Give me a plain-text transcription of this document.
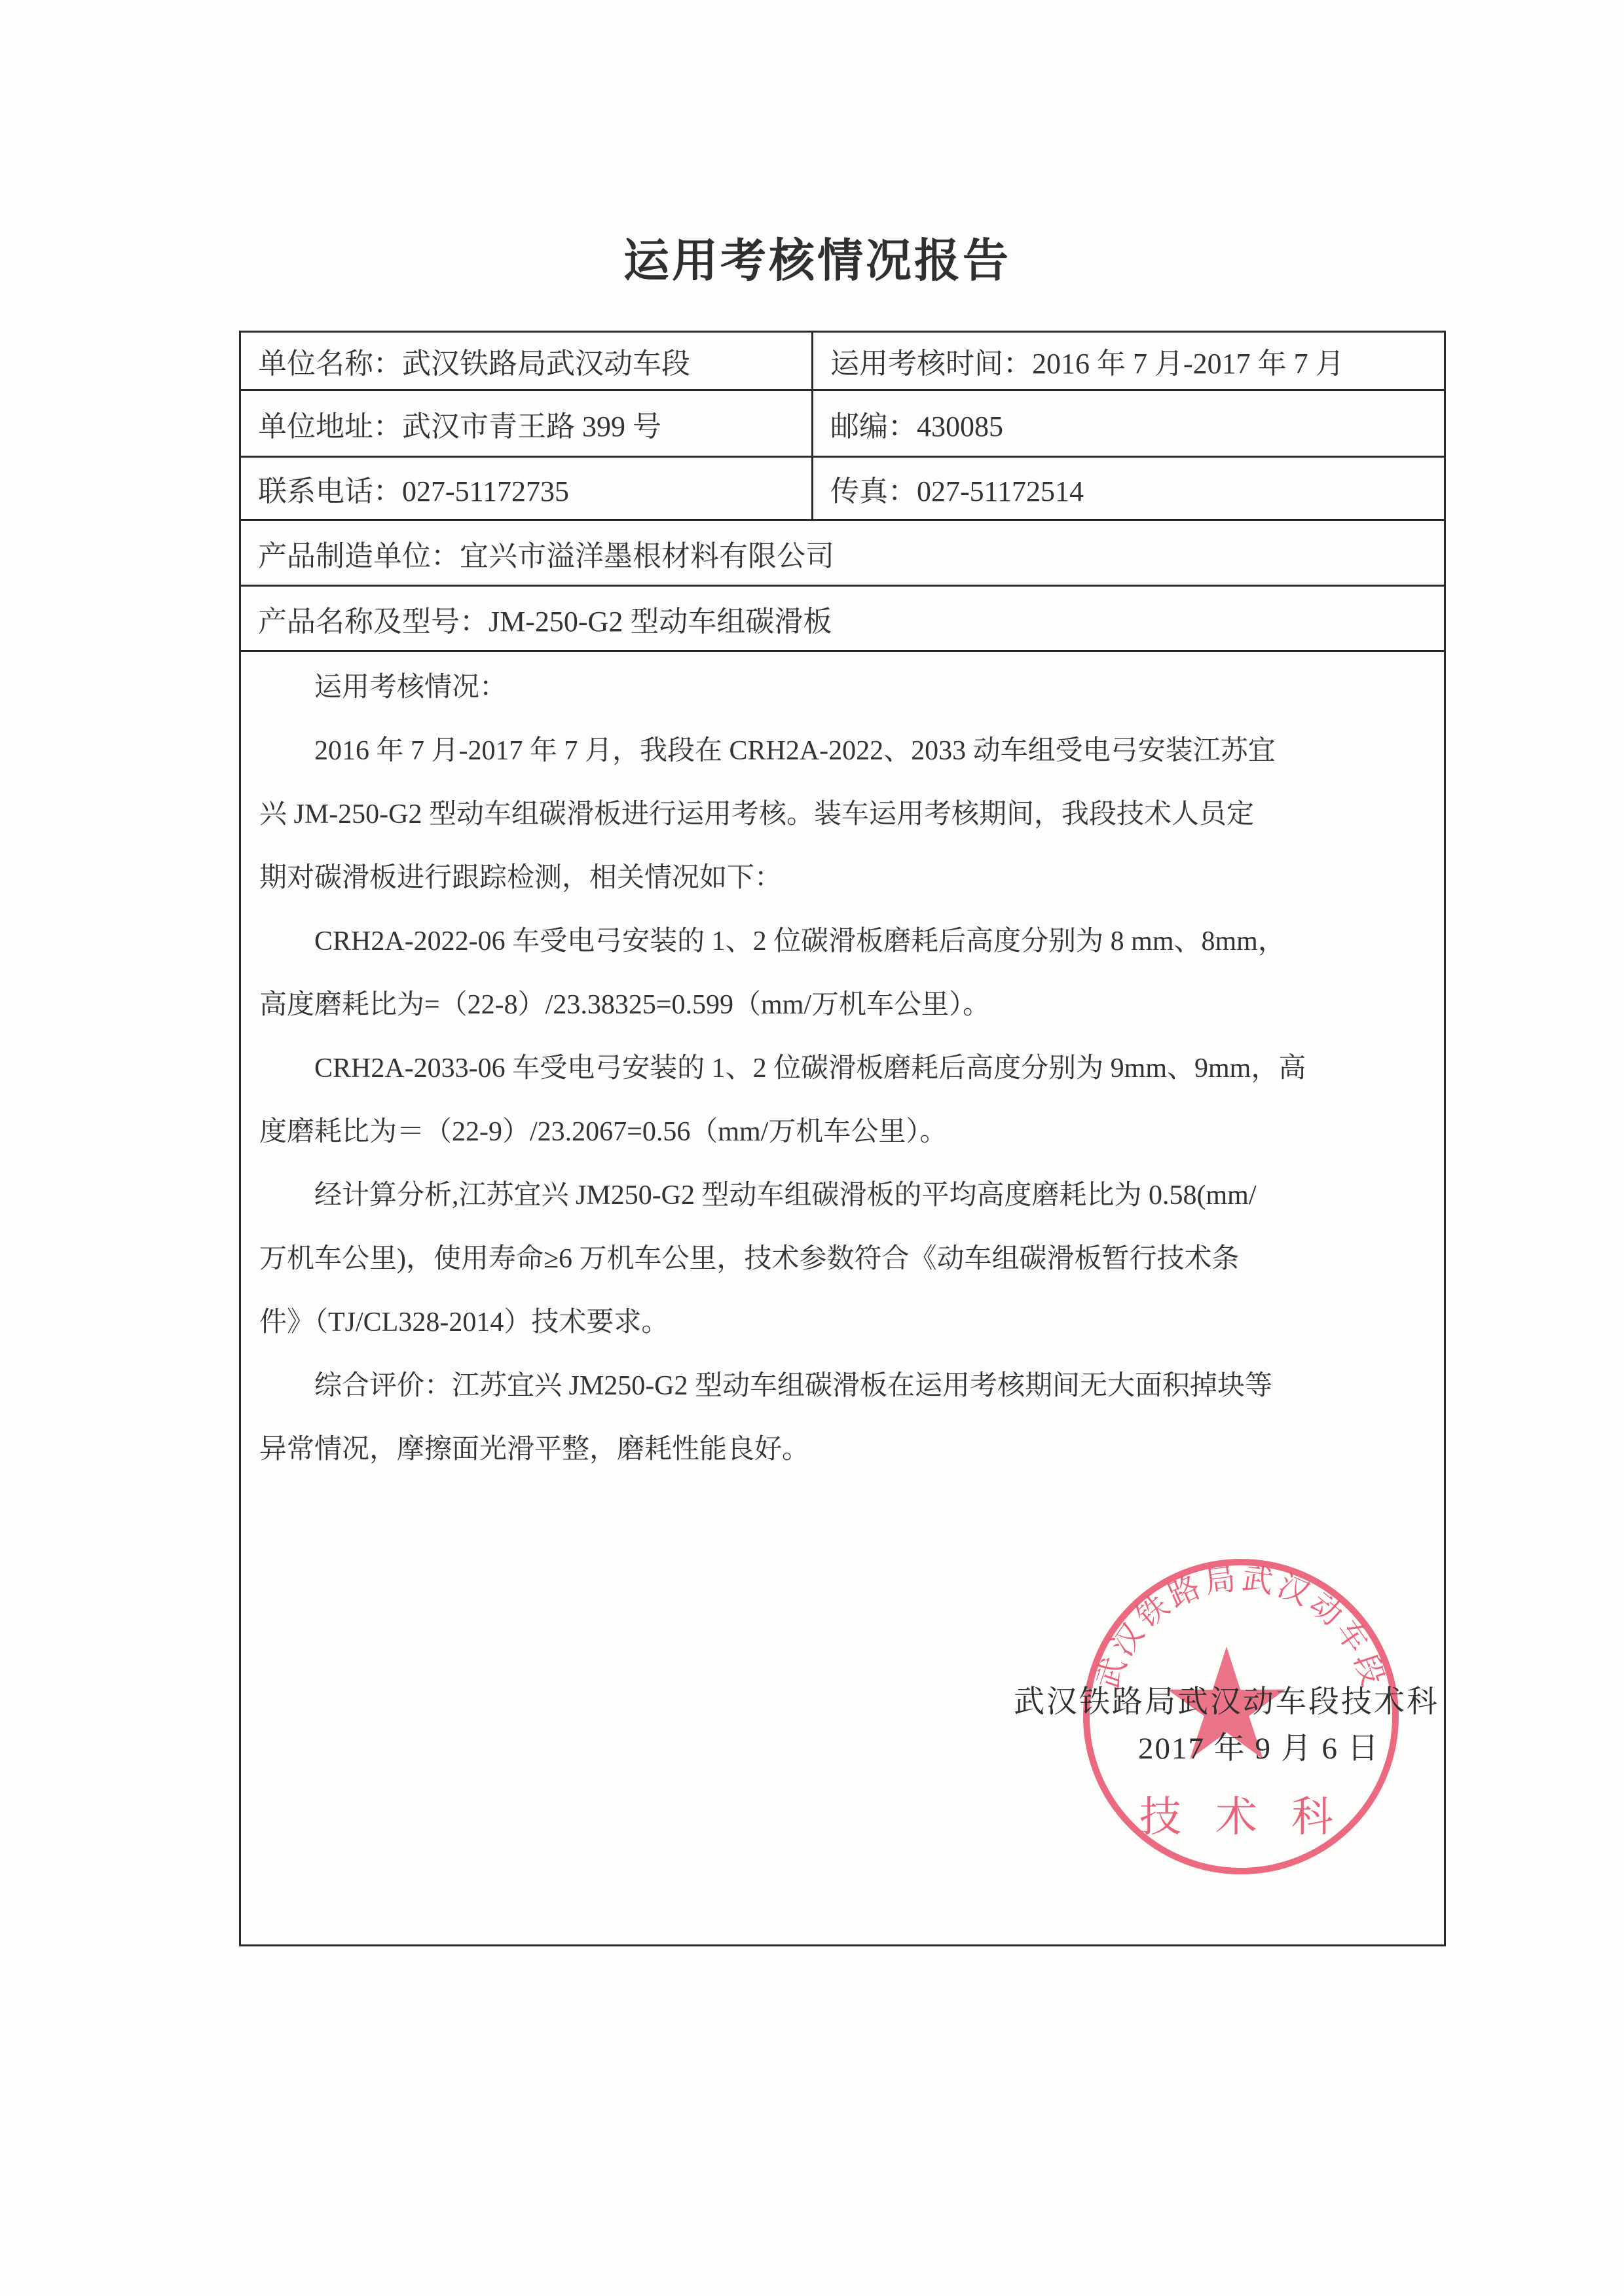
运用考核情况报告
单位名称：武汉铁路局武汉动车段	运用考核时间：2016 年 7 月-2017 年 7 月
单位地址：武汉市青王路 399 号	邮编：430085
联系电话：027-51172735	传真：027-51172514
产品制造单位：宜兴市溢洋墨根材料有限公司
产品名称及型号：JM-250-G2 型动车组碳滑板
运用考核情况：
2016 年 7 月-2017 年 7 月，我段在 CRH2A-2022、2033 动车组受电弓安装江苏宜
兴 JM-250-G2 型动车组碳滑板进行运用考核。装车运用考核期间，我段技术人员定
期对碳滑板进行跟踪检测，相关情况如下：
CRH2A-2022-06 车受电弓安装的 1、2 位碳滑板磨耗后高度分别为 8 mm、8mm，
高度磨耗比为=（22-8）/23.38325=0.599（mm/万机车公里）。
CRH2A-2033-06 车受电弓安装的 1、2 位碳滑板磨耗后高度分别为 9mm、9mm，高
度磨耗比为＝（22-9）/23.2067=0.56（mm/万机车公里）。
经计算分析,江苏宜兴 JM250-G2 型动车组碳滑板的平均高度磨耗比为 0.58(mm/
万机车公里)，使用寿命≥6 万机车公里，技术参数符合《动车组碳滑板暂行技术条
件》（TJ/CL328-2014）技术要求。
综合评价：江苏宜兴 JM250-G2 型动车组碳滑板在运用考核期间无大面积掉块等
异常情况，摩擦面光滑平整，磨耗性能良好。
武汉铁路局武汉动车段
技 术 科
武汉铁路局武汉动车段技术科
2017 年 9 月 6 日
